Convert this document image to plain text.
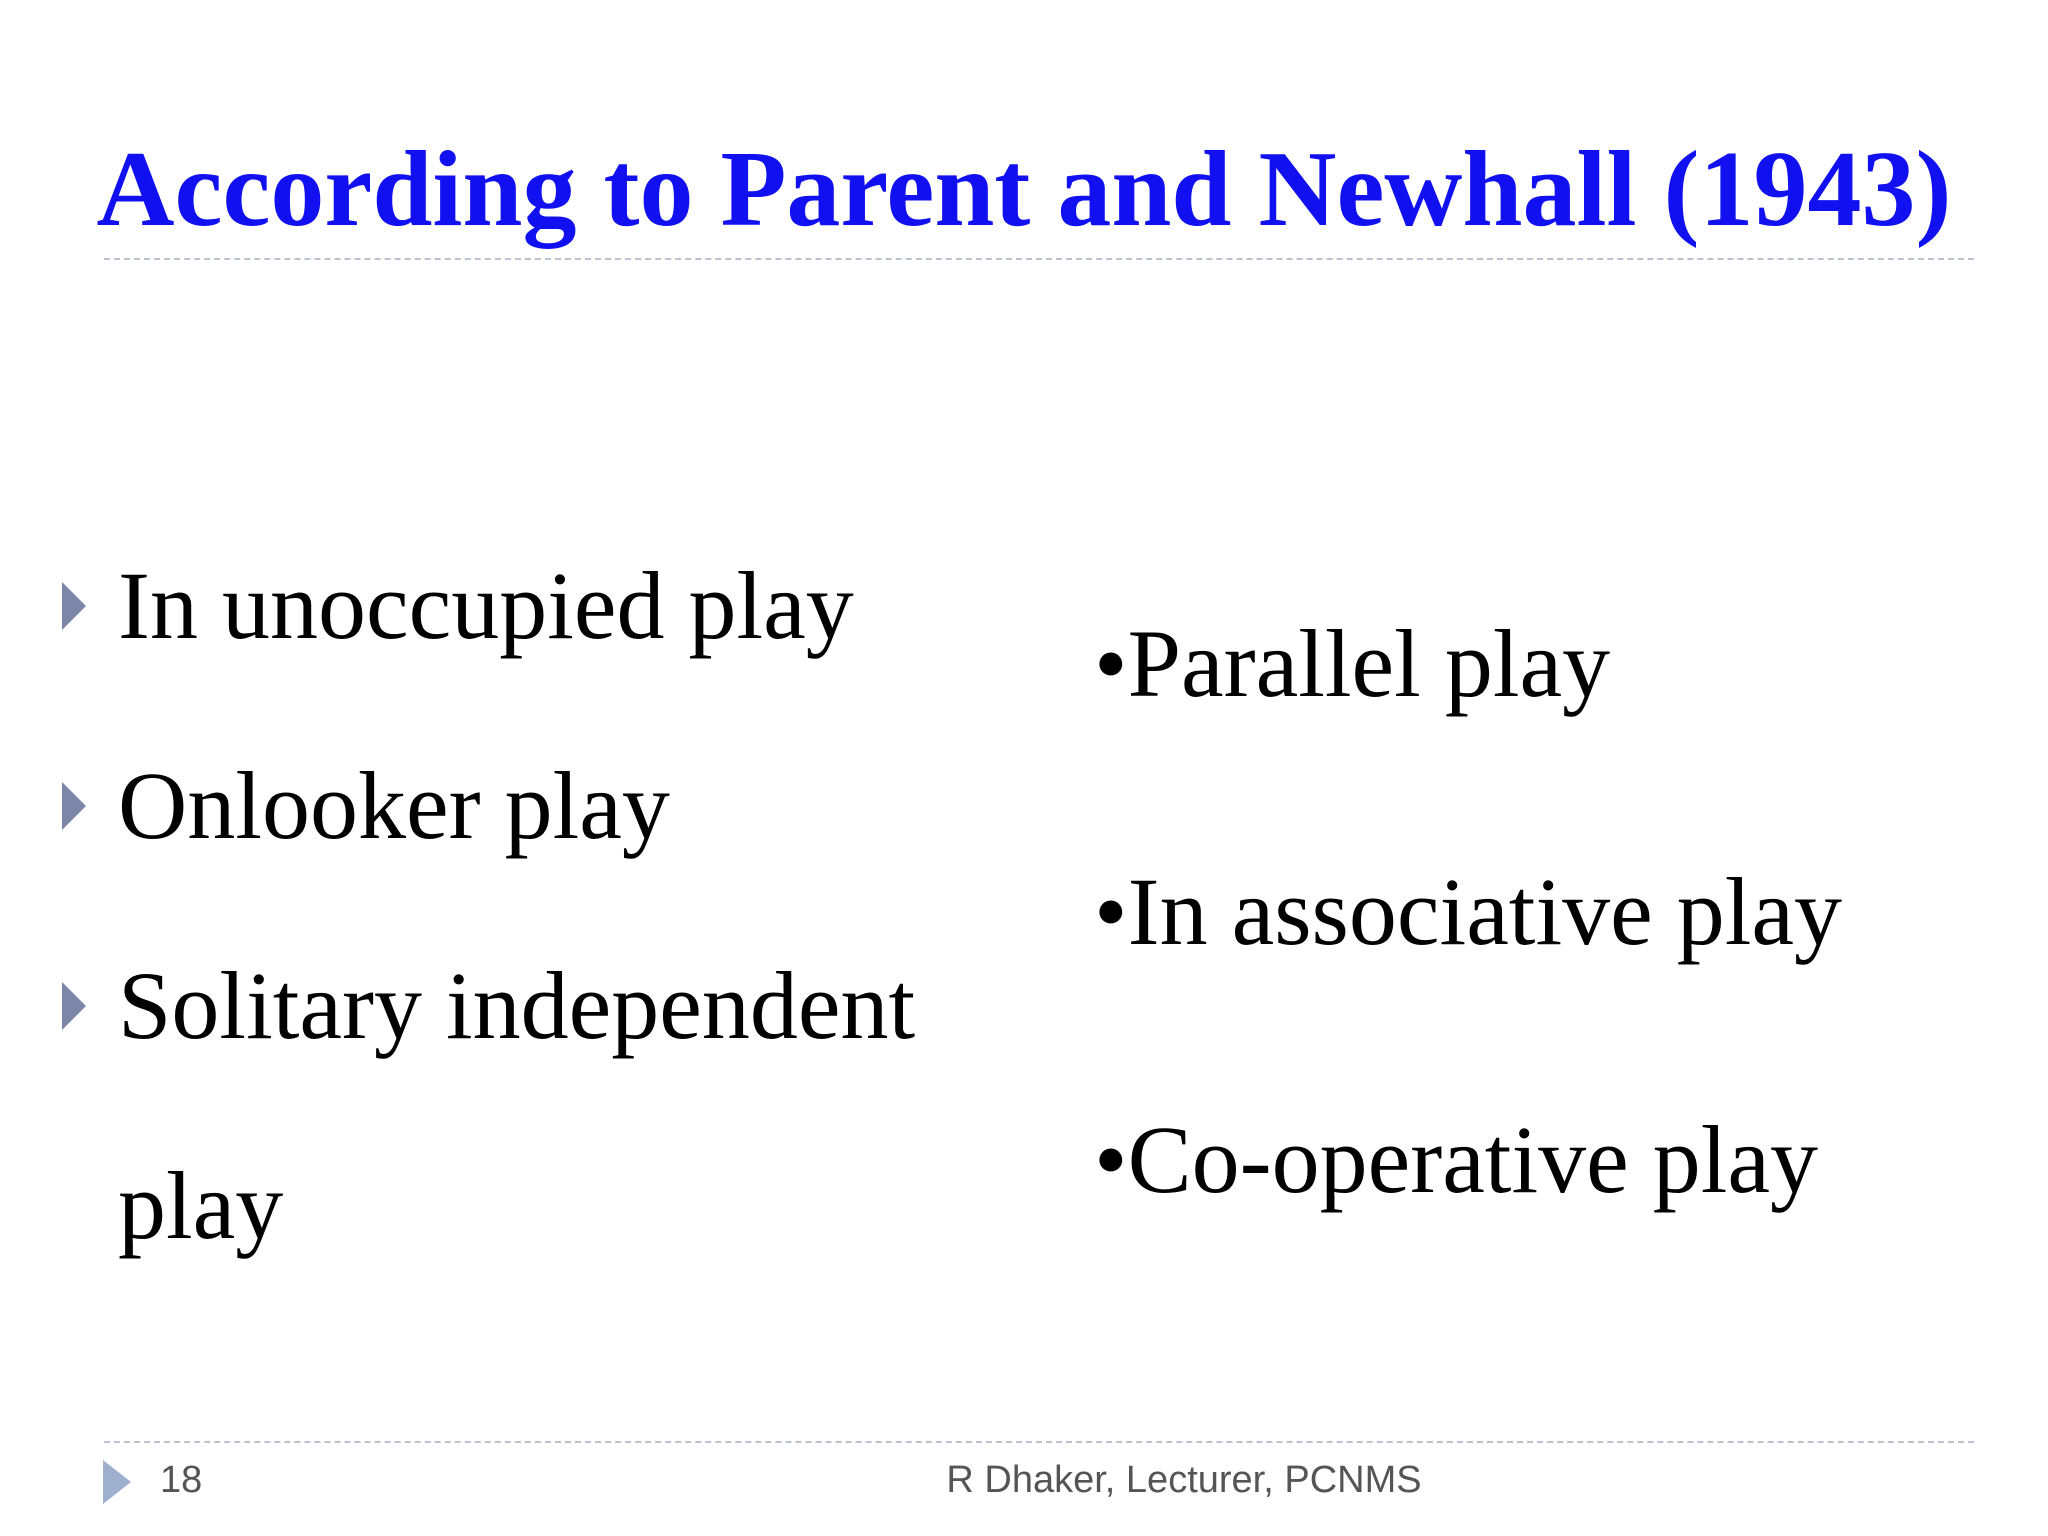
According to Parent and Newhall (1943)
In unoccupied play
Onlooker play
Solitary independent play
•Parallel play
•In associative play
•Co-operative play
18	R Dhaker, Lecturer, PCNMS
